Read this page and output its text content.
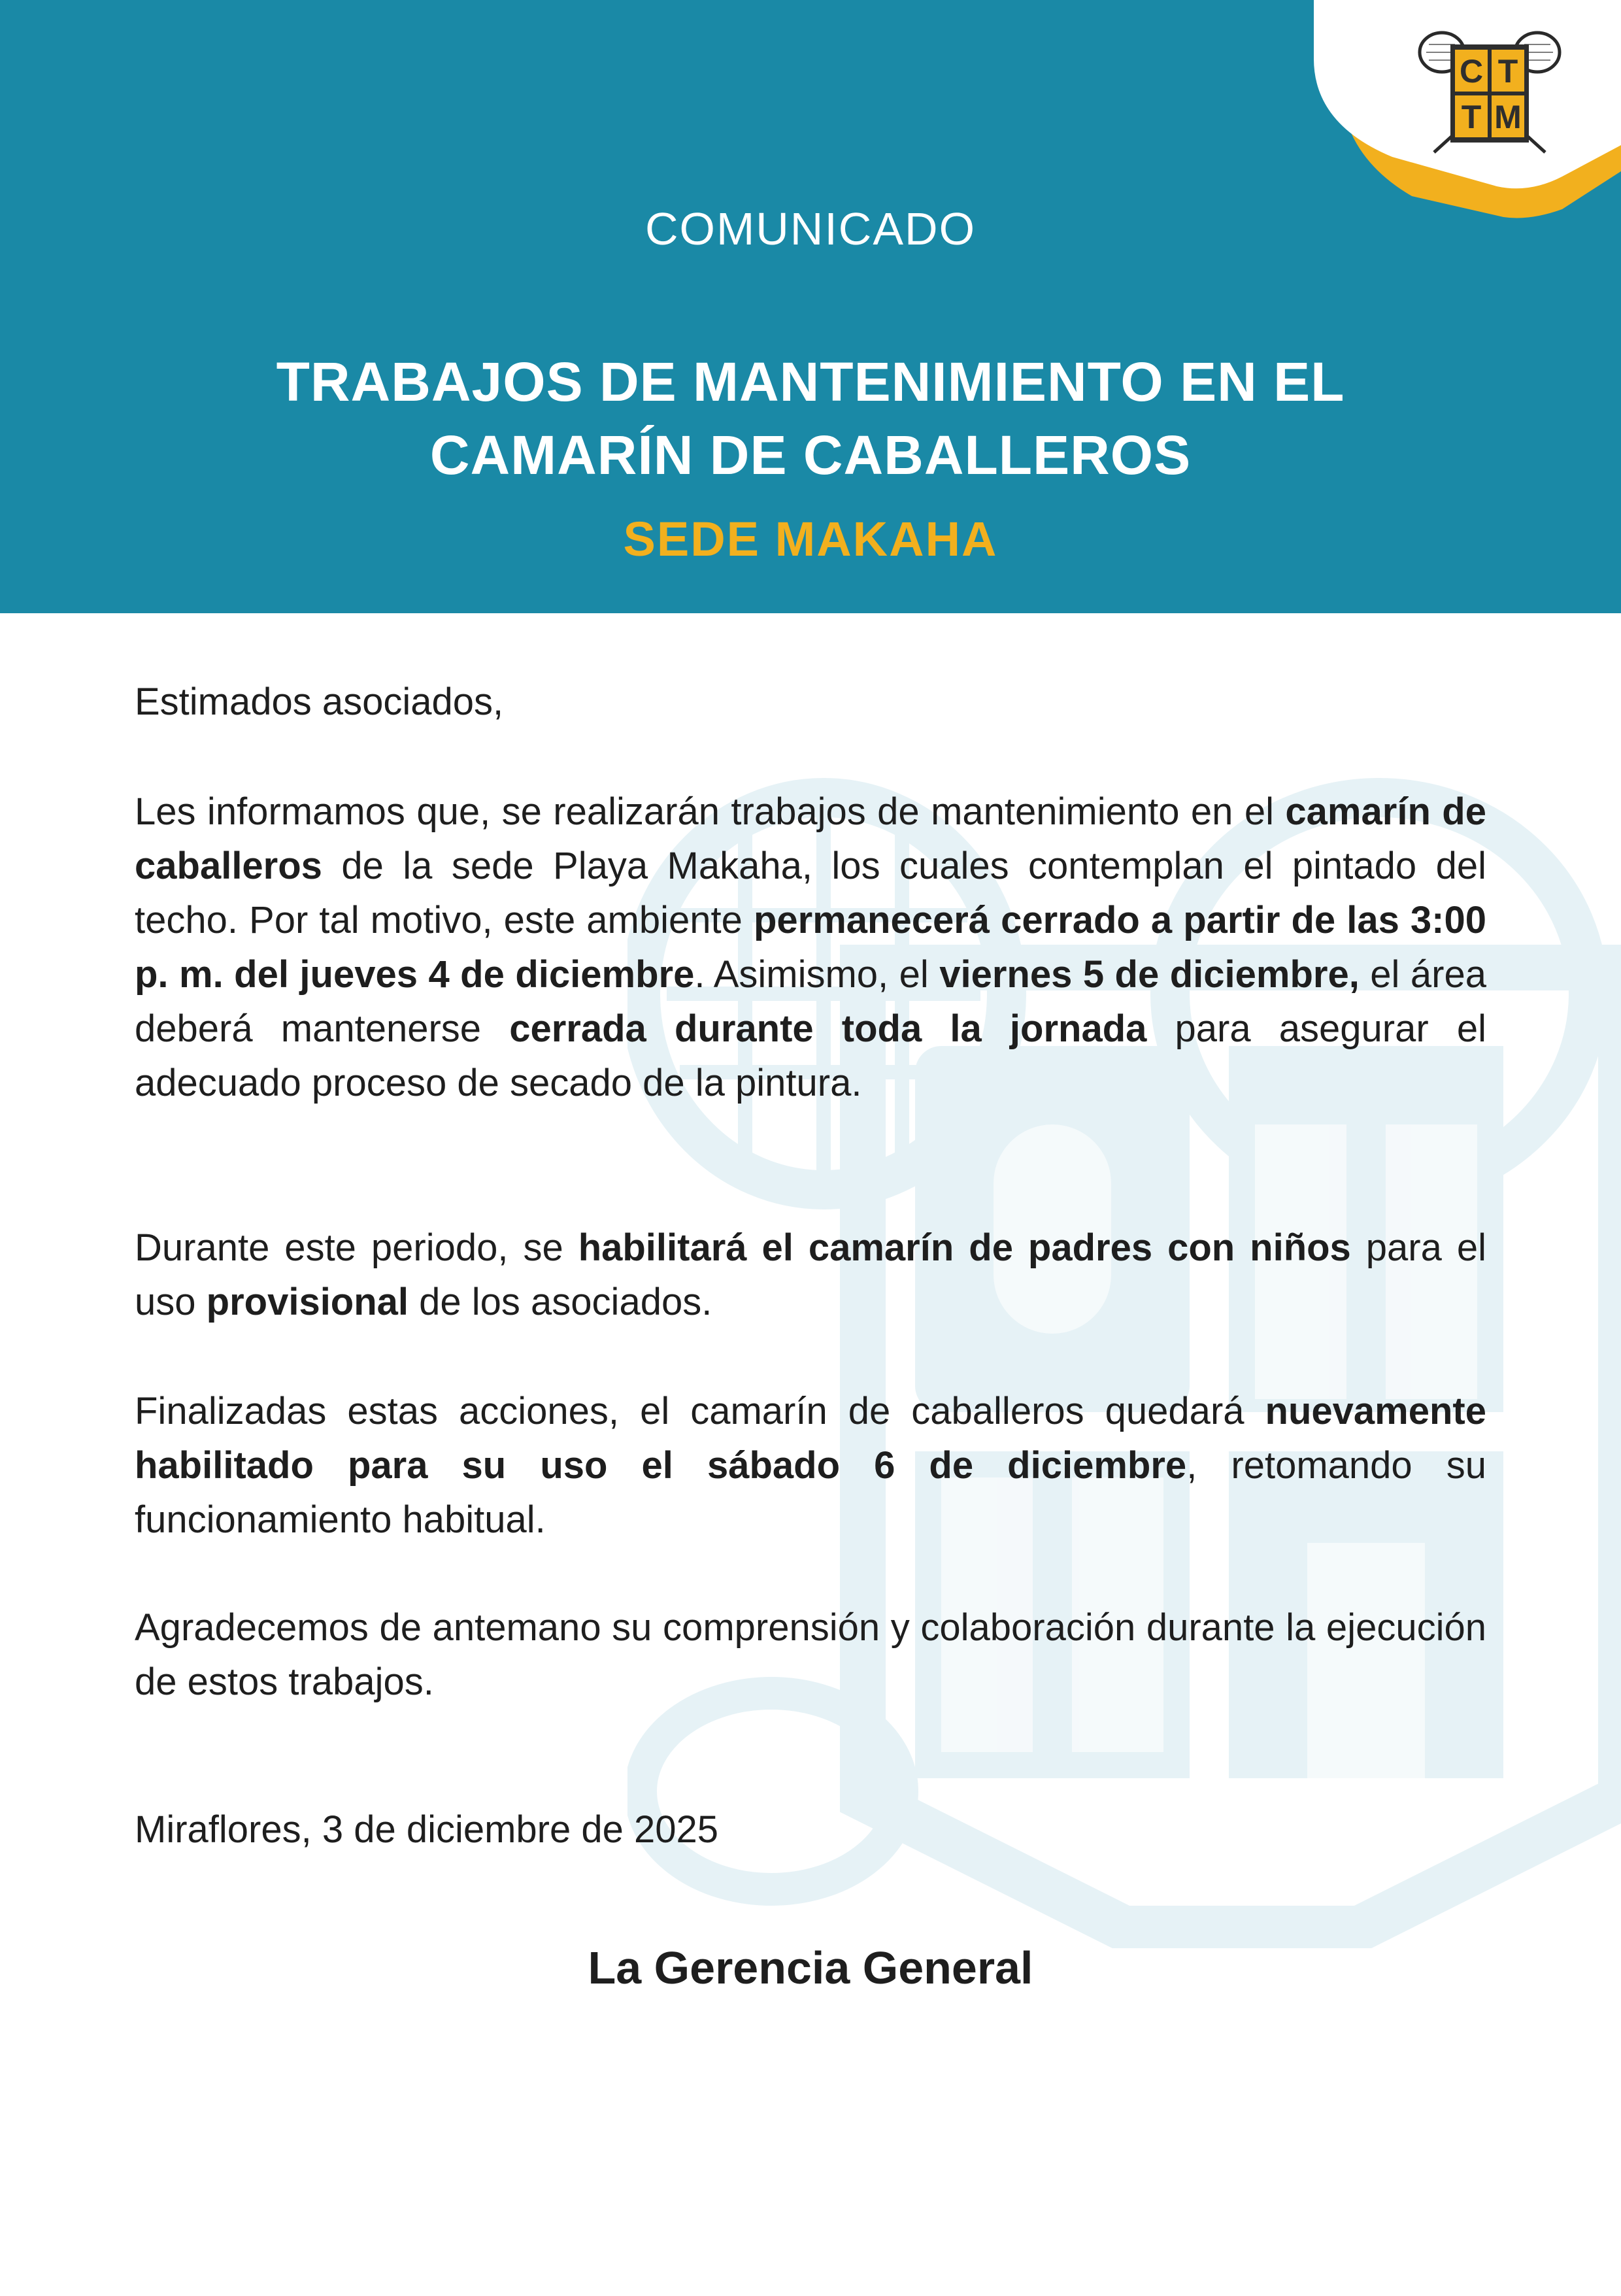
C T
T M
COMUNICADO
TRABAJOS DE MANTENIMIENTO EN EL
CAMARÍN DE CABALLEROS
SEDE MAKAHA
Estimados asociados,
Les informamos que, se realizarán trabajos de mantenimiento en el camarín de caballeros de la sede Playa Makaha, los cuales contemplan el pintado del techo. Por tal motivo, este ambiente permanecerá cerrado a partir de las 3:00 p. m. del jueves 4 de diciembre. Asimismo, el viernes 5 de diciembre, el área deberá mantenerse cerrada durante toda la jornada para asegurar el adecuado proceso de secado de la pintura.
Durante este periodo, se habilitará el camarín de padres con niños para el uso provisional de los asociados.
Finalizadas estas acciones, el camarín de caballeros quedará nuevamente habilitado para su uso el sábado 6 de diciembre, retomando su funcionamiento habitual.
Agradecemos de antemano su comprensión y colaboración durante la ejecución de estos trabajos.
Miraflores, 3 de diciembre de 2025
La Gerencia General
